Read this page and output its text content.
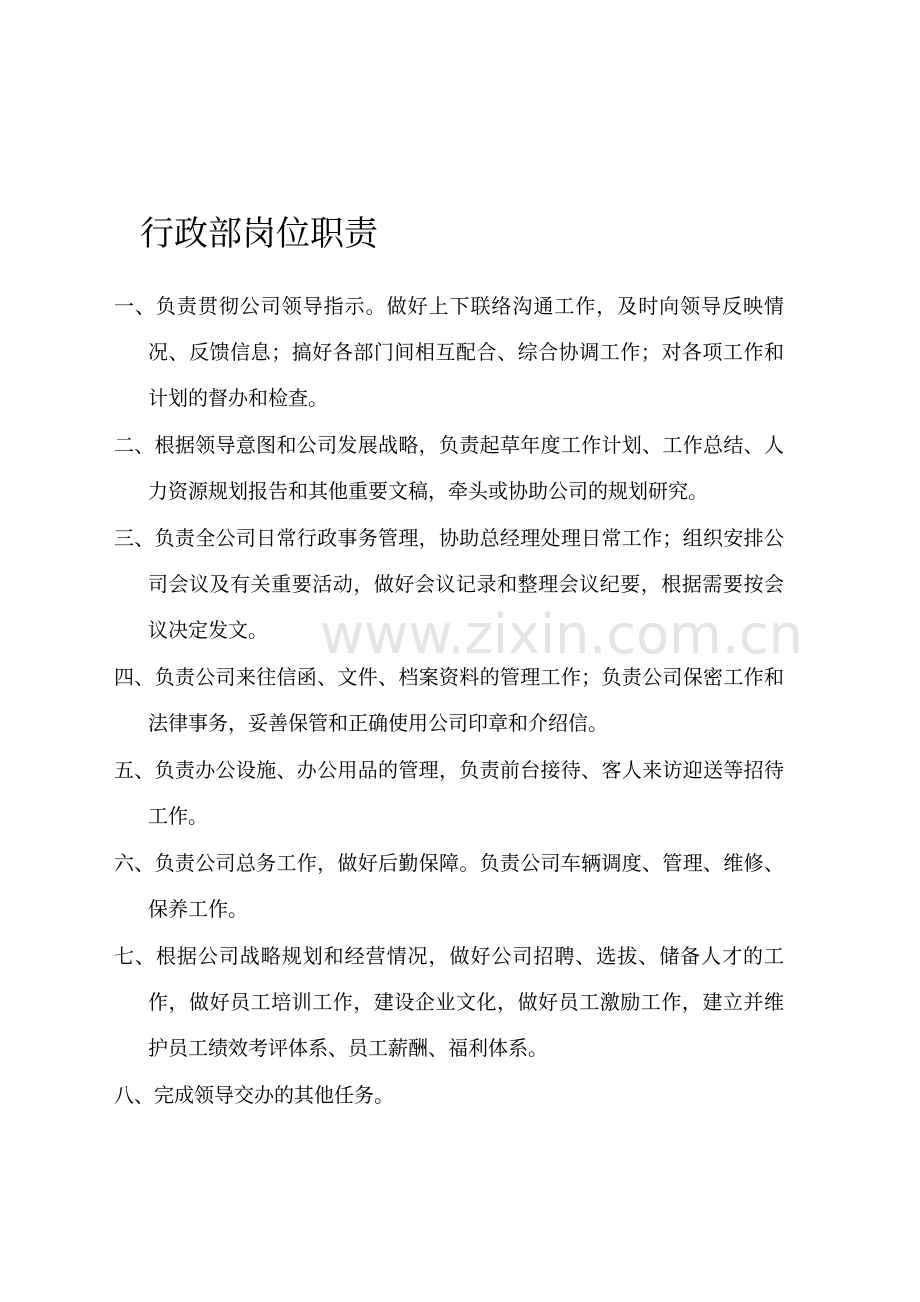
行政部岗位职责
一、负责贯彻公司领导指示。做好上下联络沟通工作，及时向领导反映情况、反馈信息；搞好各部门间相互配合、综合协调工作；对各项工作和计划的督办和检查。
二、根据领导意图和公司发展战略，负责起草年度工作计划、工作总结、人力资源规划报告和其他重要文稿，牵头或协助公司的规划研究。
三、负责全公司日常行政事务管理，协助总经理处理日常工作；组织安排公司会议及有关重要活动，做好会议记录和整理会议纪要，根据需要按会议决定发文。
四、负责公司来往信函、文件、档案资料的管理工作；负责公司保密工作和法律事务，妥善保管和正确使用公司印章和介绍信。
五、负责办公设施、办公用品的管理，负责前台接待、客人来访迎送等招待工作。
六、负责公司总务工作，做好后勤保障。负责公司车辆调度、管理、维修、保养工作。
七、根据公司战略规划和经营情况，做好公司招聘、选拔、储备人才的工作，做好员工培训工作，建设企业文化，做好员工激励工作，建立并维护员工绩效考评体系、员工薪酬、福利体系。
八、完成领导交办的其他任务。
www.zixin.com.cn
